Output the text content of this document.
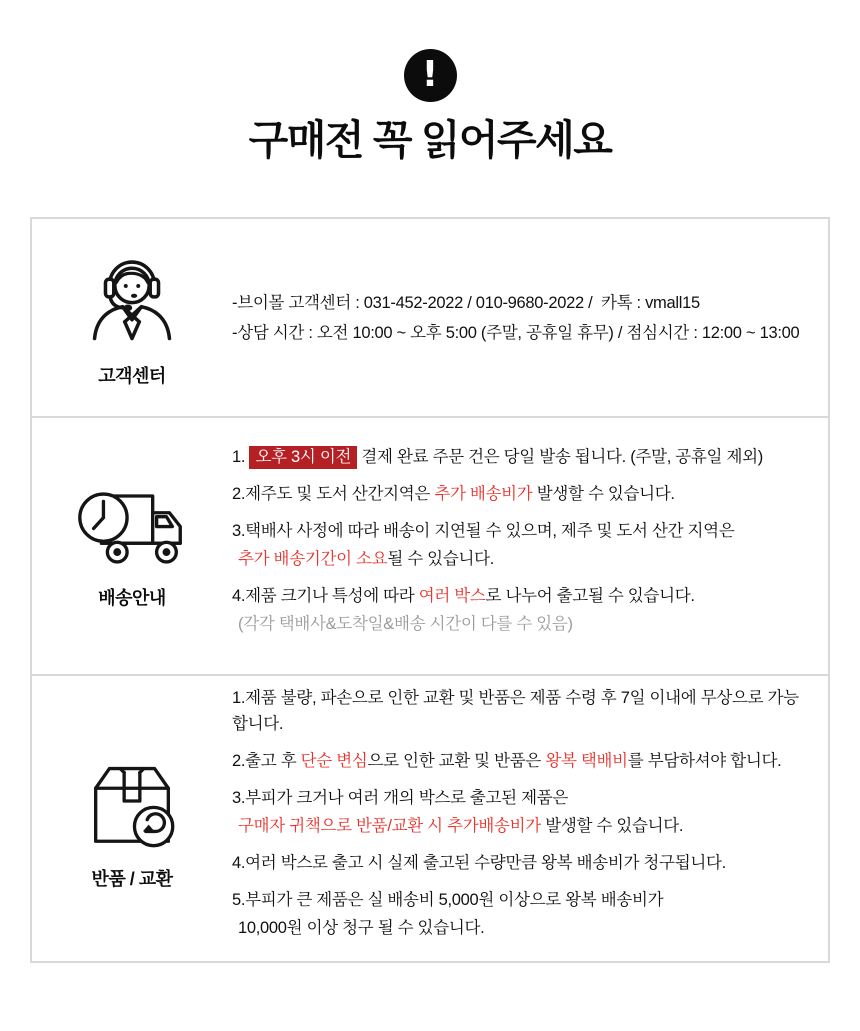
!
구매전 꼭 읽어주세요
고객센터

-브이몰 고객센터 : 031-452-2022 / 010-9680-2022 /  카톡 : vmall15

-상담 시간 : 오전 10:00 ~ 오후 5:00 (주말, 공휴일 휴무) / 점심시간 : 12:00 ~ 13:00

배송안내

1. 오후 3시 이전 결제 완료 주문 건은 당일 발송 됩니다. (주말, 공휴일 제외)

2.제주도 및 도서 산간지역은 추가 배송비가 발생할 수 있습니다.

3.택배사 사정에 따라 배송이 지연될 수 있으며, 제주 및 도서 산간 지역은

추가 배송기간이 소요될 수 있습니다.

4.제품 크기나 특성에 따라 여러 박스로 나누어 출고될 수 있습니다.

(각각 택배사&도착일&배송 시간이 다를 수 있음)

반품 / 교환

1.제품 불량, 파손으로 인한 교환 및 반품은 제품 수령 후 7일 이내에 무상으로 가능합니다.

2.출고 후 단순 변심으로 인한 교환 및 반품은 왕복 택배비를 부담하셔야 합니다.

3.부피가 크거나 여러 개의 박스로 출고된 제품은

구매자 귀책으로 반품/교환 시 추가배송비가 발생할 수 있습니다.

4.여러 박스로 출고 시 실제 출고된 수량만큼 왕복 배송비가 청구됩니다.

5.부피가 큰 제품은 실 배송비 5,000원 이상으로 왕복 배송비가

10,000원 이상 청구 될 수 있습니다.
